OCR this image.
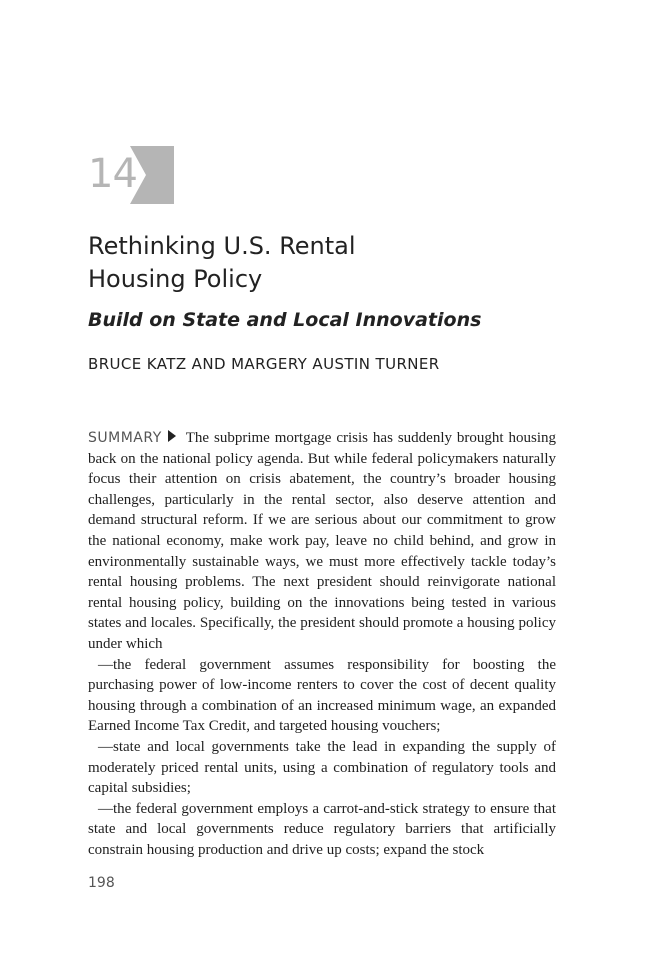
14
Rethinking U.S. Rental
Housing Policy
Build on State and Local Innovations
BRUCE KATZ AND MARGERY AUSTIN TURNER

SUMMARY The subprime mortgage crisis has suddenly brought housing back on the national policy agenda. But while federal policymakers naturally focus their attention on crisis abatement, the country’s broader housing challenges, particularly in the rental sector, also deserve attention and demand structural reform. If we are serious about our commitment to grow the national economy, make work pay, leave no child behind, and grow in environmentally sustainable ways, we must more effectively tackle today’s rental housing problems. The next president should reinvigorate national rental housing policy, building on the innovations being tested in various states and locales. Specifically, the president should promote a housing policy under which

—the federal government assumes responsibility for boosting the purchasing power of low-income renters to cover the cost of decent quality housing through a combination of an increased minimum wage, an expanded Earned Income Tax Credit, and targeted housing vouchers;

—state and local governments take the lead in expanding the supply of moderately priced rental units, using a combination of regulatory tools and capital subsidies;

—the federal government employs a carrot-and-stick strategy to ensure that state and local governments reduce regulatory barriers that artificially constrain housing production and drive up costs; expand the stock

198
